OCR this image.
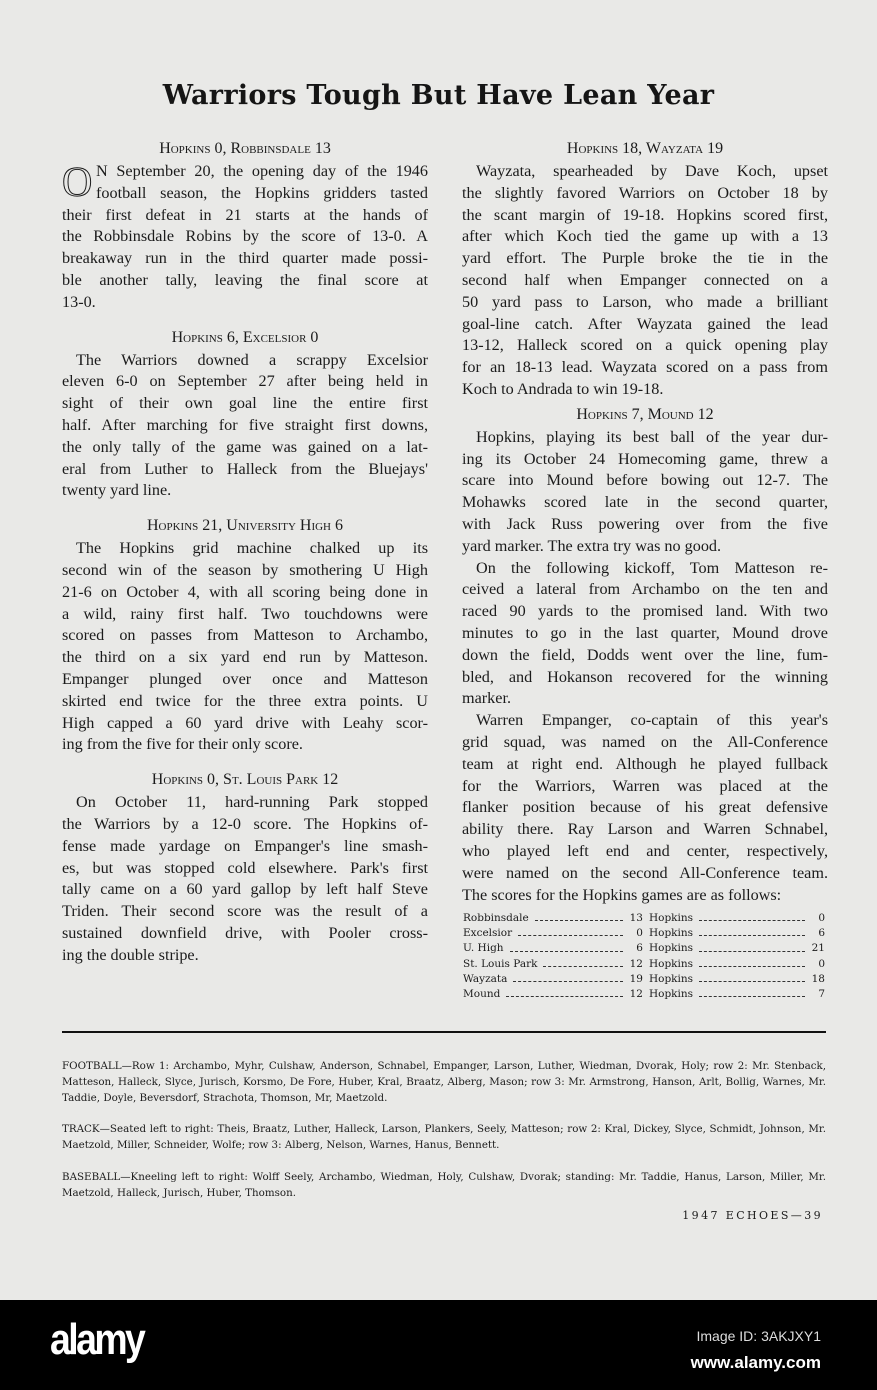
Warriors Tough But Have Lean Year
Hopkins 0, Robbinsdale 13
O N September 20, the opening day of the 1946
football season, the Hopkins gridders tasted
their first defeat in 21 starts at the hands of
the Robbinsdale Robins by the score of 13-0. A
breakaway run in the third quarter made possi-
ble another tally, leaving the final score at
13-0.
Hopkins 6, Excelsior 0
The Warriors downed a scrappy Excelsior
eleven 6-0 on September 27 after being held in
sight of their own goal line the entire first
half. After marching for five straight first downs,
the only tally of the game was gained on a lat-
eral from Luther to Halleck from the Bluejays'
twenty yard line.
Hopkins 21, University High 6
The Hopkins grid machine chalked up its
second win of the season by smothering U High
21-6 on October 4, with all scoring being done in
a wild, rainy first half. Two touchdowns were
scored on passes from Matteson to Archambo,
the third on a six yard end run by Matteson.
Empanger plunged over once and Matteson
skirted end twice for the three extra points. U
High capped a 60 yard drive with Leahy scor-
ing from the five for their only score.
Hopkins 0, St. Louis Park 12
On October 11, hard-running Park stopped
the Warriors by a 12-0 score. The Hopkins of-
fense made yardage on Empanger's line smash-
es, but was stopped cold elsewhere. Park's first
tally came on a 60 yard gallop by left half Steve
Triden. Their second score was the result of a
sustained downfield drive, with Pooler cross-
ing the double stripe.
Hopkins 18, Wayzata 19
Wayzata, spearheaded by Dave Koch, upset
the slightly favored Warriors on October 18 by
the scant margin of 19-18. Hopkins scored first,
after which Koch tied the game up with a 13
yard effort. The Purple broke the tie in the
second half when Empanger connected on a
50 yard pass to Larson, who made a brilliant
goal-line catch. After Wayzata gained the lead
13-12, Halleck scored on a quick opening play
for an 18-13 lead. Wayzata scored on a pass from
Koch to Andrada to win 19-18.
Hopkins 7, Mound 12
Hopkins, playing its best ball of the year dur-
ing its October 24 Homecoming game, threw a
scare into Mound before bowing out 12-7. The
Mohawks scored late in the second quarter,
with Jack Russ powering over from the five
yard marker. The extra try was no good.
On the following kickoff, Tom Matteson re-
ceived a lateral from Archambo on the ten and
raced 90 yards to the promised land. With two
minutes to go in the last quarter, Mound drove
down the field, Dodds went over the line, fum-
bled, and Hokanson recovered for the winning
marker.
Warren Empanger, co-captain of this year's
grid squad, was named on the All-Conference
team at right end. Although he played fullback
for the Warriors, Warren was placed at the
flanker position because of his great defensive
ability there. Ray Larson and Warren Schnabel,
who played left end and center, respectively,
were named on the second All-Conference team.
The scores for the Hopkins games are as follows:
Robbinsdale	13 Hopkins	0
Excelsior	0 Hopkins	6
U. High	6 Hopkins	21
St. Louis Park	12 Hopkins	0
Wayzata	19 Hopkins	18
Mound	12 Hopkins	7
FOOTBALL—Row 1: Archambo, Myhr, Culshaw, Anderson, Schnabel, Empanger, Larson, Luther, Wiedman, Dvorak, Holy; row 2: Mr. Stenback, Matteson, Halleck, Slyce, Jurisch, Korsmo, De Fore, Huber, Kral, Braatz, Alberg, Mason; row 3: Mr. Armstrong, Hanson, Arlt, Bollig, Warnes, Mr. Taddie, Doyle, Beversdorf, Strachota, Thomson, Mr, Maetzold.
TRACK—Seated left to right: Theis, Braatz, Luther, Halleck, Larson, Plankers, Seely, Matteson; row 2: Kral, Dickey, Slyce, Schmidt, Johnson, Mr. Maetzold, Miller, Schneider, Wolfe; row 3: Alberg, Nelson, Warnes, Hanus, Bennett.
BASEBALL—Kneeling left to right: Wolff Seely, Archambo, Wiedman, Holy, Culshaw, Dvorak; standing: Mr. Taddie, Hanus, Larson, Miller, Mr. Maetzold, Halleck, Jurisch, Huber, Thomson.
1947 ECHOES—39
alamy	Image ID: 3AKJXY1
www.alamy.com
